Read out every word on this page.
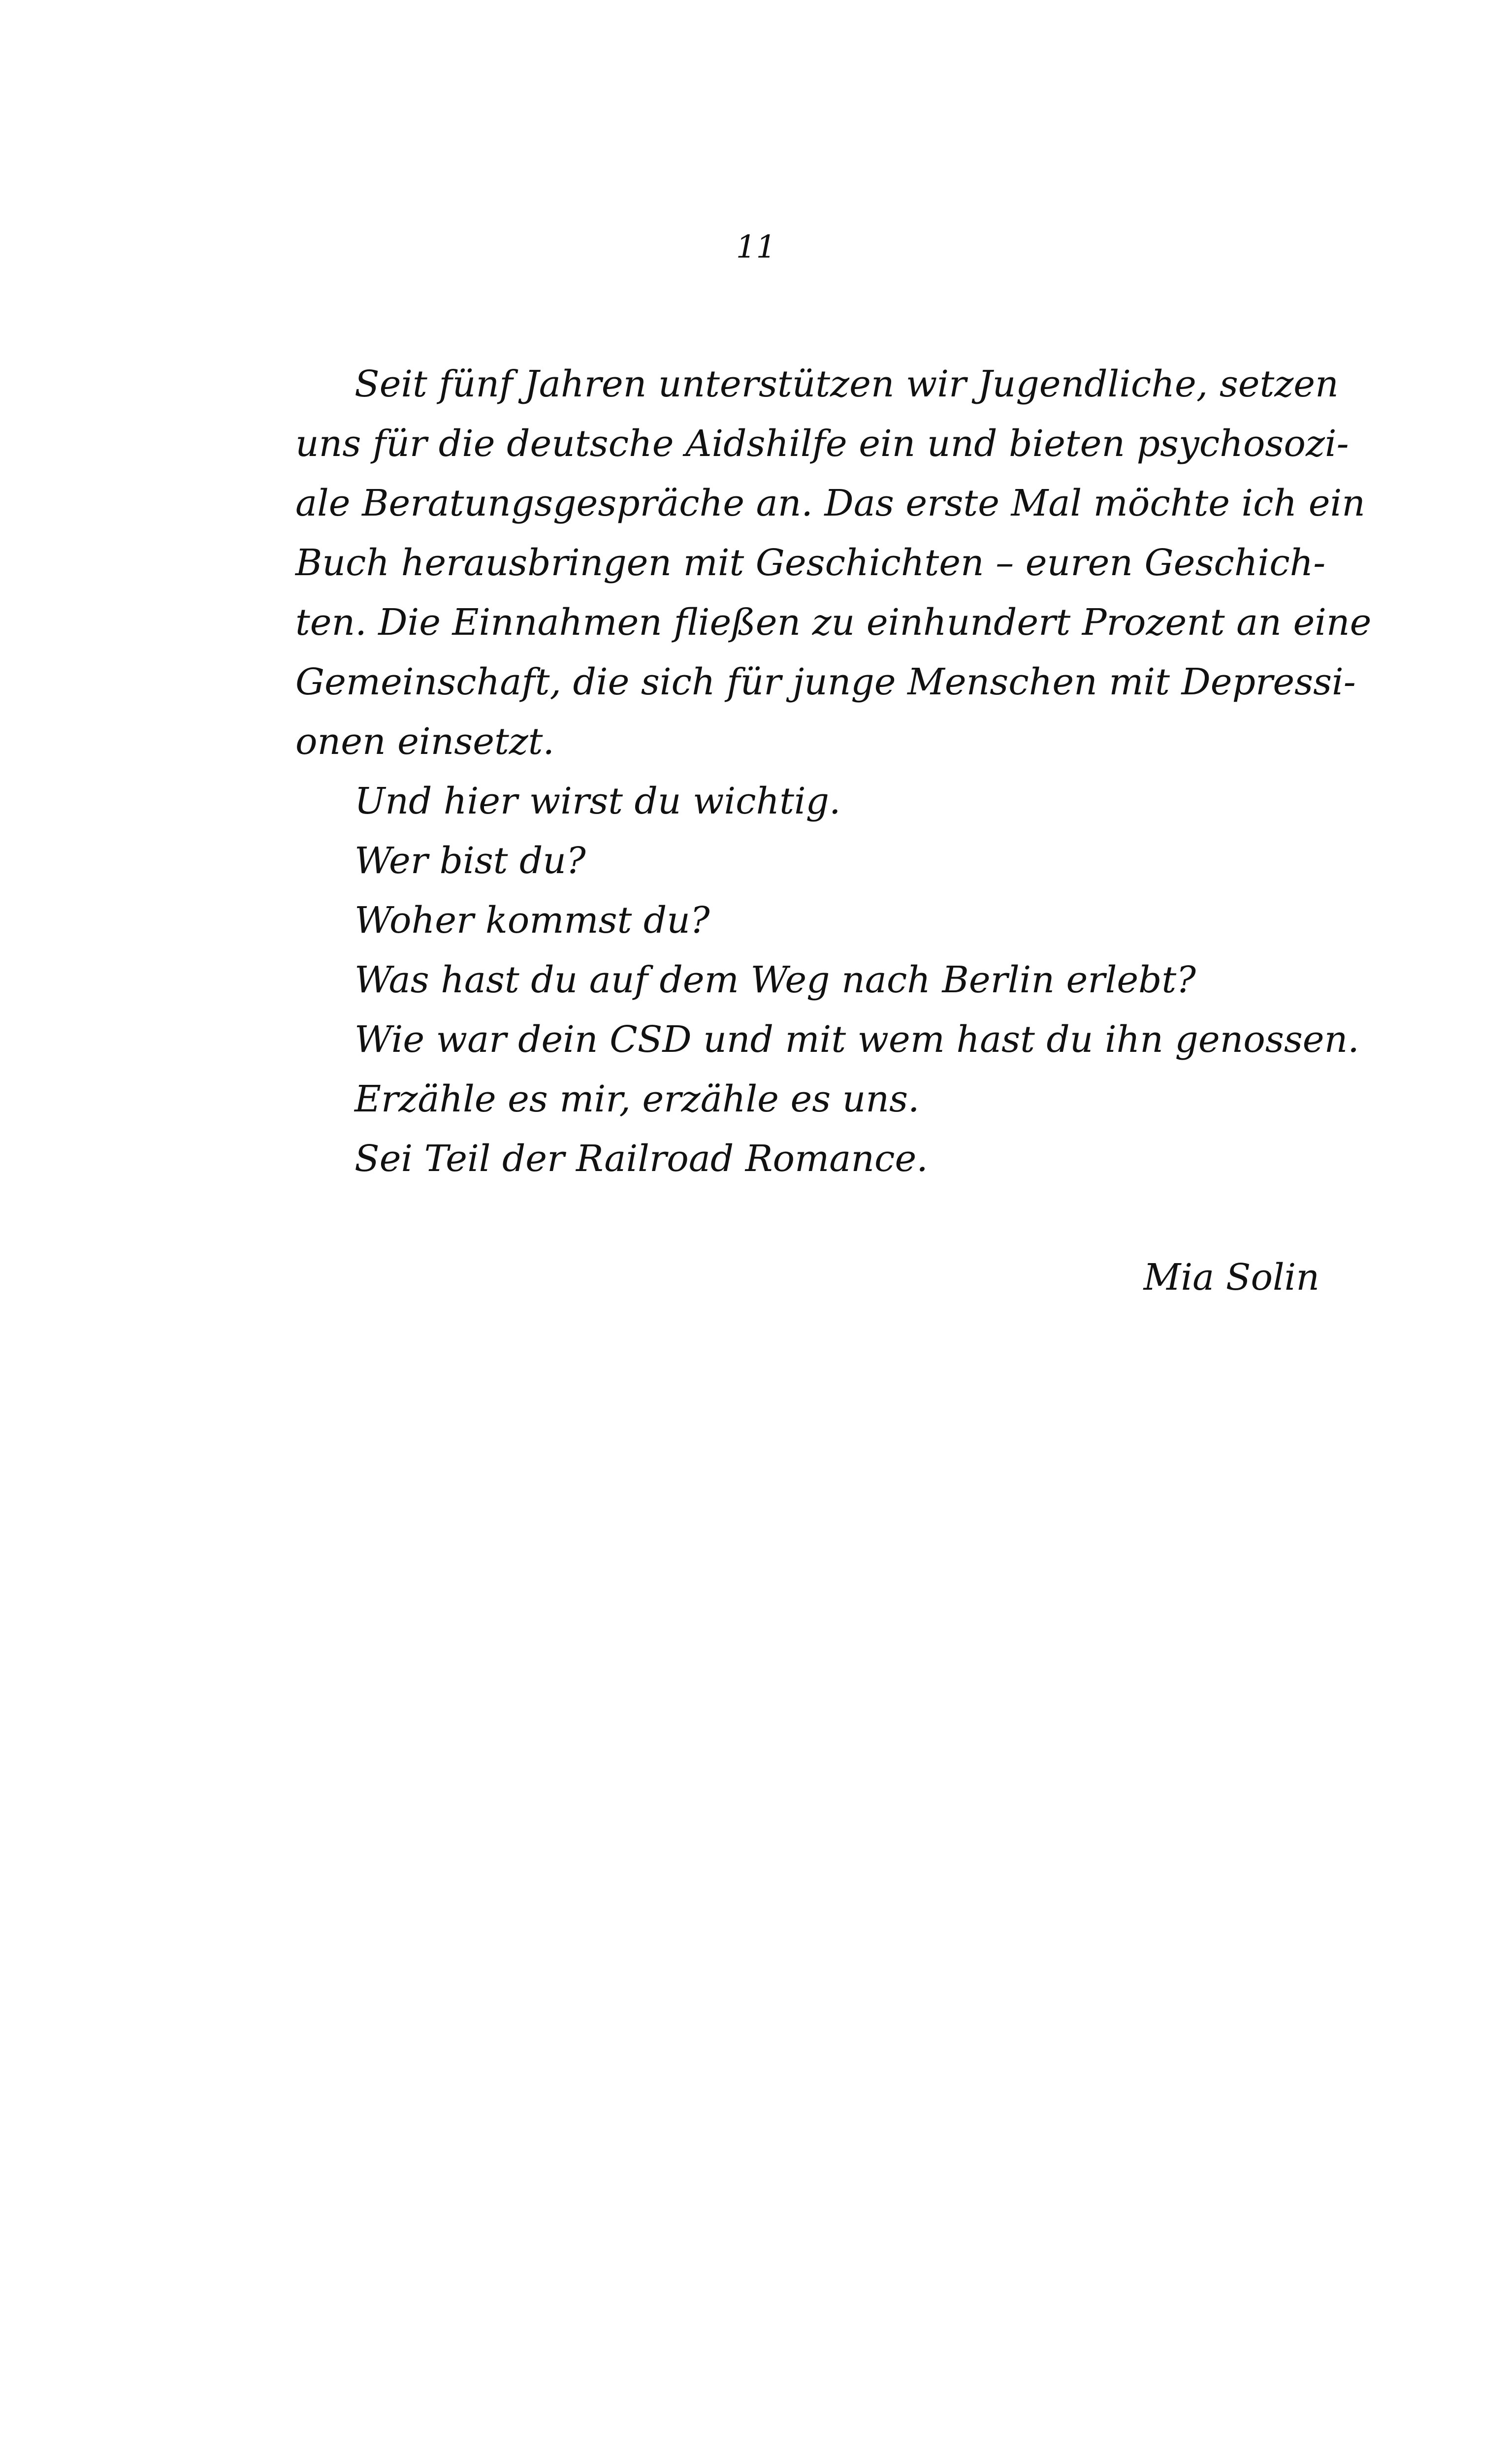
11
Seit fünf Jahren unterstützen wir Jugendliche, setzen
uns für die deutsche Aidshilfe ein und bieten psychosozi-
ale Beratungsgespräche an. Das erste Mal möchte ich ein
Buch herausbringen mit Geschichten – euren Geschich-
ten. Die Einnahmen fließen zu einhundert Prozent an eine
Gemeinschaft, die sich für junge Menschen mit Depressi-
onen einsetzt.
Und hier wirst du wichtig.
Wer bist du?
Woher kommst du?
Was hast du auf dem Weg nach Berlin erlebt?
Wie war dein CSD und mit wem hast du ihn genossen.
Erzähle es mir, erzähle es uns.
Sei Teil der Railroad Romance.
Mia Solin
